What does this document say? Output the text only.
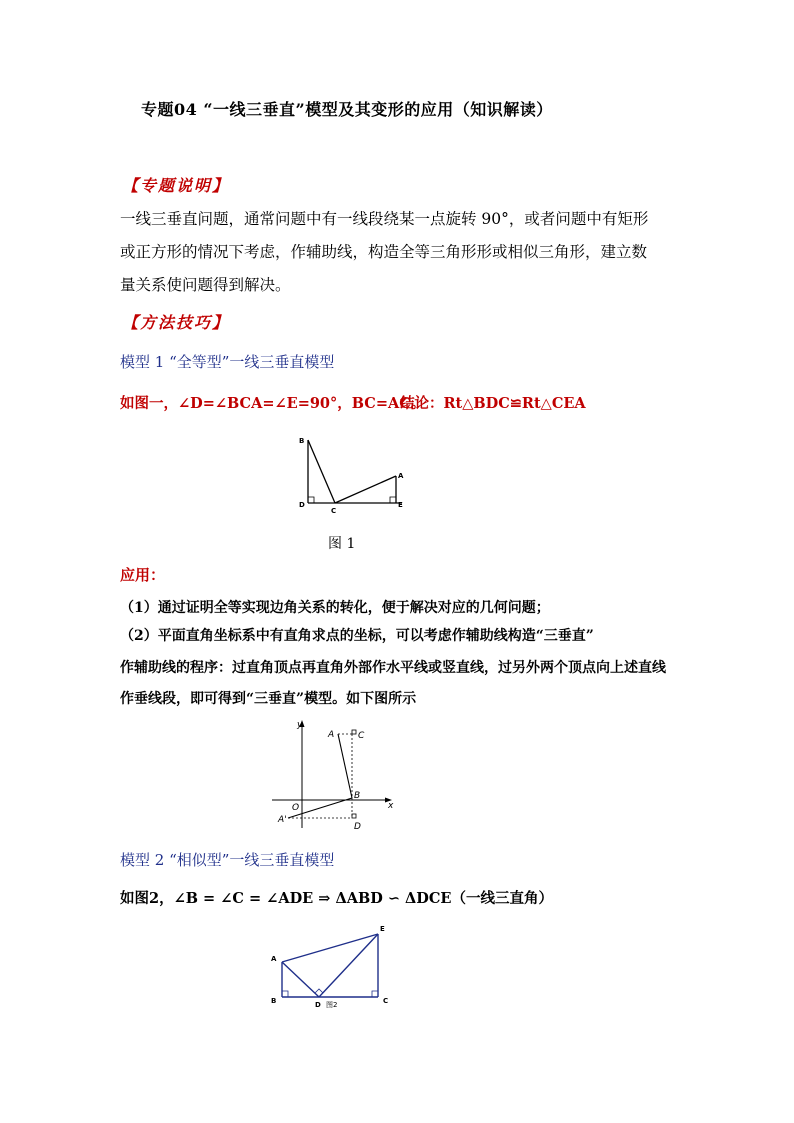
专题04 “一线三垂直”模型及其变形的应用（知识解读）
【专题说明】
一线三垂直问题，通常问题中有一线段绕某一点旋转 90°，或者问题中有矩形
或正方形的情况下考虑，作辅助线，构造全等三角形形或相似三角形，建立数
量关系使问题得到解决。
【方法技巧】
模型 1 “全等型”一线三垂直模型
如图一，∠D=∠BCA=∠E=90°，BC=AC。
结论：Rt△BDC≌Rt△CEA
B
D
C
A
E
图 1
应用：
（1）通过证明全等实现边角关系的转化，便于解决对应的几何问题；
（2）平面直角坐标系中有直角求点的坐标，可以考虑作辅助线构造“三垂直”
作辅助线的程序：过直角顶点再直角外部作水平线或竖直线，过另外两个顶点向上述直线
作垂线段，即可得到“三垂直”模型。如下图所示
y
x
O
A	C
B
A'
D
模型 2 “相似型”一线三垂直模型
如图2，∠B = ∠C = ∠ADE ⇒ ΔABD ∽ ΔDCE（一线三直角）
A
B	D 图2	C
E
